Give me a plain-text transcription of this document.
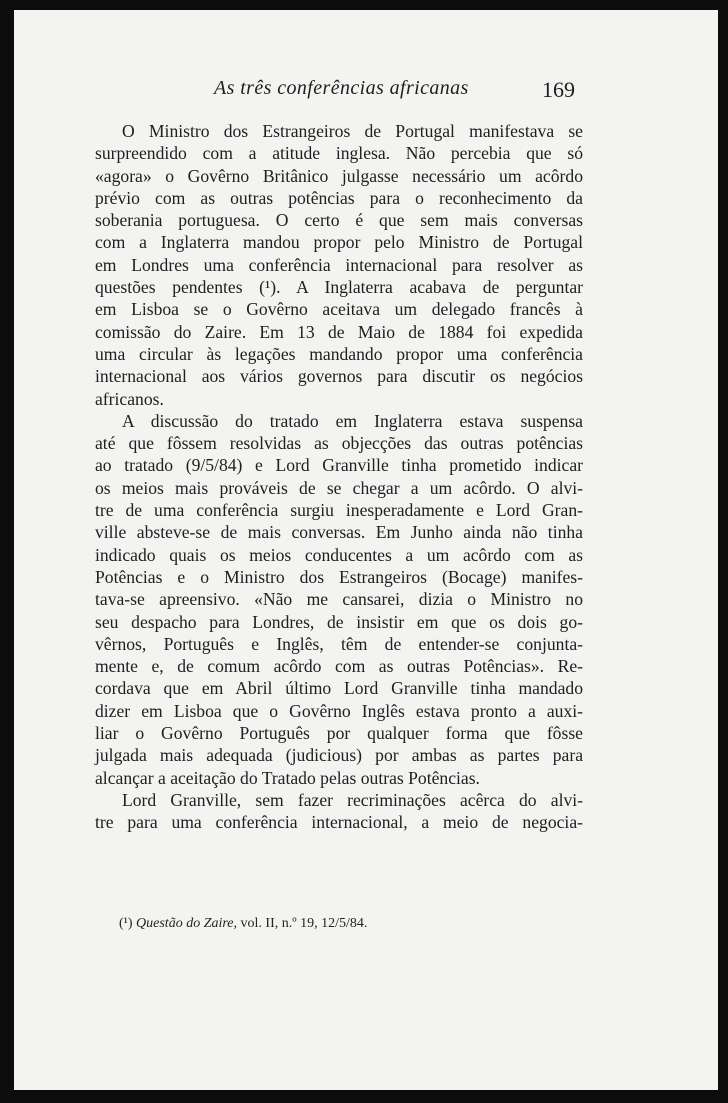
As três conferências africanas	169
O Ministro dos Estrangeiros de Portugal manifestava se
surpreendido com a atitude inglesa. Não percebia que só
«agora» o Govêrno Britânico julgasse necessário um acôrdo
prévio com as outras potências para o reconhecimento da
soberania portuguesa. O certo é que sem mais conversas
com a Inglaterra mandou propor pelo Ministro de Portugal
em Londres uma conferência internacional para resolver as
questões pendentes (¹). A Inglaterra acabava de perguntar
em Lisboa se o Govêrno aceitava um delegado francês à
comissão do Zaire. Em 13 de Maio de 1884 foi expedida
uma circular às legações mandando propor uma conferência
internacional aos vários governos para discutir os negócios
africanos.
A discussão do tratado em Inglaterra estava suspensa
até que fôssem resolvidas as objecções das outras potências
ao tratado (9/5/84) e Lord Granville tinha prometido indicar
os meios mais prováveis de se chegar a um acôrdo. O alvi-
tre de uma conferência surgiu inesperadamente e Lord Gran-
ville absteve-se de mais conversas. Em Junho ainda não tinha
indicado quais os meios conducentes a um acôrdo com as
Potências e o Ministro dos Estrangeiros (Bocage) manifes-
tava-se apreensivo. «Não me cansarei, dizia o Ministro no
seu despacho para Londres, de insistir em que os dois go-
vêrnos, Português e Inglês, têm de entender-se conjunta-
mente e, de comum acôrdo com as outras Potências». Re-
cordava que em Abril último Lord Granville tinha mandado
dizer em Lisboa que o Govêrno Inglês estava pronto a auxi-
liar o Govêrno Português por qualquer forma que fôsse
julgada mais adequada (judicious) por ambas as partes para
alcançar a aceitação do Tratado pelas outras Potências.
Lord Granville, sem fazer recriminações acêrca do alvi-
tre para uma conferência internacional, a meio de negocia-
(¹) Questão do Zaire, vol. II, n.º 19, 12/5/84.
